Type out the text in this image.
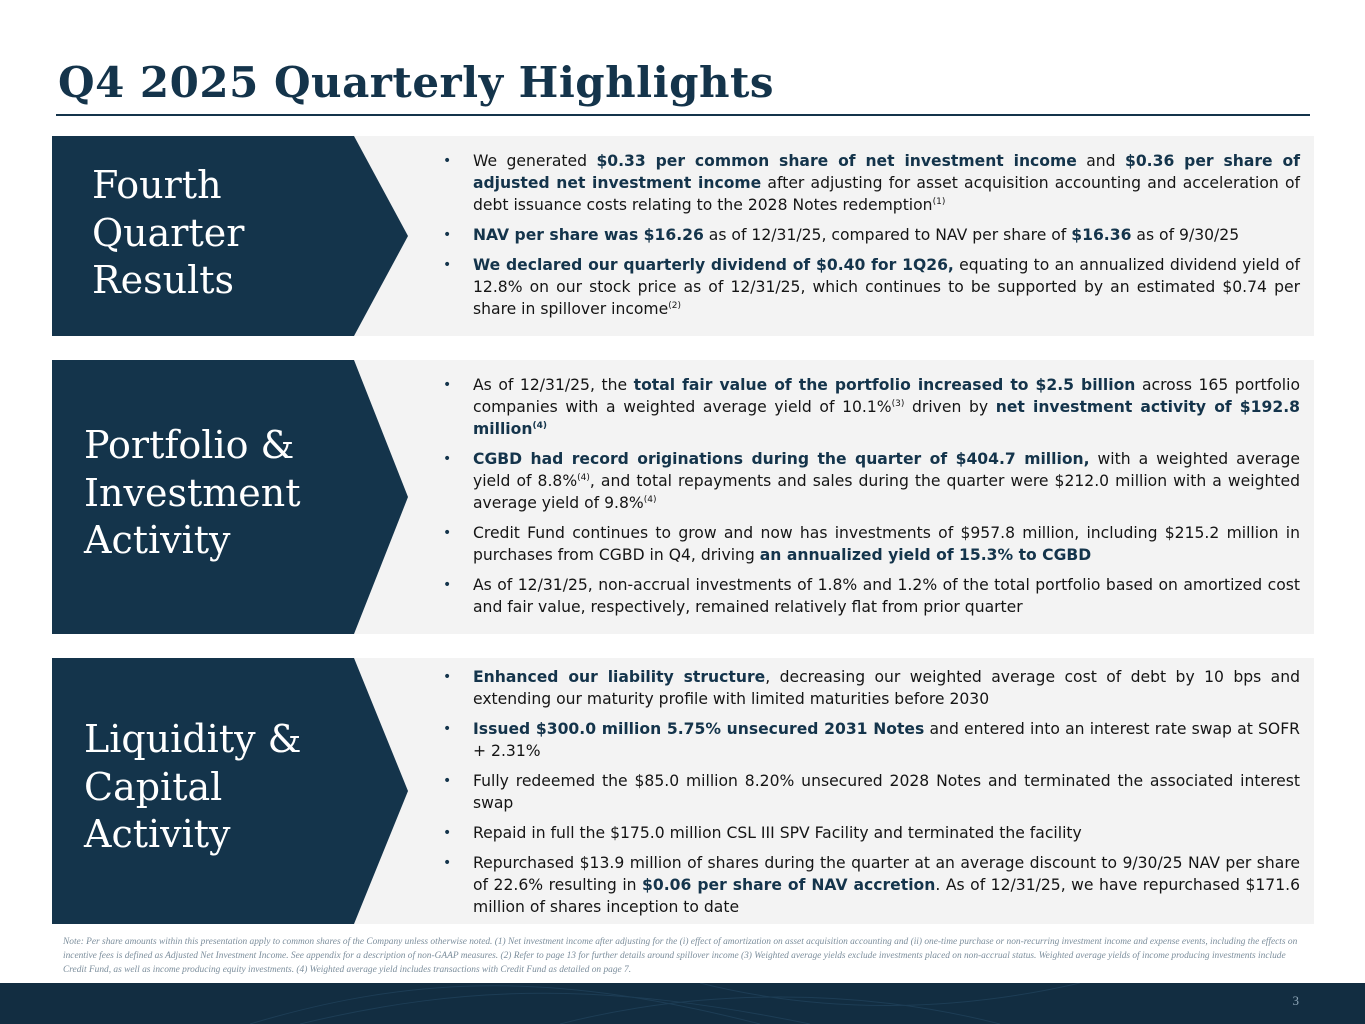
Q4 2025 Quarterly Highlights
Fourth
Quarter
Results
• We generated $0.33 per common share of net investment income and $0.36 per share of adjusted net investment income after adjusting for asset acquisition accounting and acceleration of debt issuance costs relating to the 2028 Notes redemption$^{(1)}$
• NAV per share was $16.26 as of 12/31/25, compared to NAV per share of $16.36 as of 9/30/25
• We declared our quarterly dividend of $0.40 for 1Q26, equating to an annualized dividend yield of 12.8% on our stock price as of 12/31/25, which continues to be supported by an estimated $0.74 per share in spillover income$^{(2)}$
Portfolio &
Investment
Activity
• As of 12/31/25, the total fair value of the portfolio increased to $2.5 billion across 165 portfolio companies with a weighted average yield of 10.1%$^{(3)}$ driven by net investment activity of $192.8 million$^{(4)}$
• CGBD had record originations during the quarter of $404.7 million, with a weighted average yield of 8.8%$^{(4)}$, and total repayments and sales during the quarter were $212.0 million with a weighted average yield of 9.8%$^{(4)}$
• Credit Fund continues to grow and now has investments of $957.8 million, including $215.2 million in purchases from CGBD in Q4, driving an annualized yield of 15.3% to CGBD
• As of 12/31/25, non-accrual investments of 1.8% and 1.2% of the total portfolio based on amortized cost and fair value, respectively, remained relatively flat from prior quarter
Liquidity &
Capital
Activity
• Enhanced our liability structure, decreasing our weighted average cost of debt by 10 bps and extending our maturity profile with limited maturities before 2030
• Issued $300.0 million 5.75% unsecured 2031 Notes and entered into an interest rate swap at SOFR + 2.31%
• Fully redeemed the $85.0 million 8.20% unsecured 2028 Notes and terminated the associated interest swap
• Repaid in full the $175.0 million CSL III SPV Facility and terminated the facility
• Repurchased $13.9 million of shares during the quarter at an average discount to 9/30/25 NAV per share of 22.6% resulting in $0.06 per share of NAV accretion. As of 12/31/25, we have repurchased $171.6 million of shares inception to date
Note: Per share amounts within this presentation apply to common shares of the Company unless otherwise noted. (1) Net investment income after adjusting for the (i) effect of amortization on asset acquisition accounting and (ii) one-time purchase or non-recurring investment income and expense events, including the effects on incentive fees is defined as Adjusted Net Investment Income. See appendix for a description of non-GAAP measures. (2) Refer to page 13 for further details around spillover income (3) Weighted average yields exclude investments placed on non-accrual status. Weighted average yields of income producing investments include Credit Fund, as well as income producing equity investments. (4) Weighted average yield includes transactions with Credit Fund as detailed on page 7.
3
